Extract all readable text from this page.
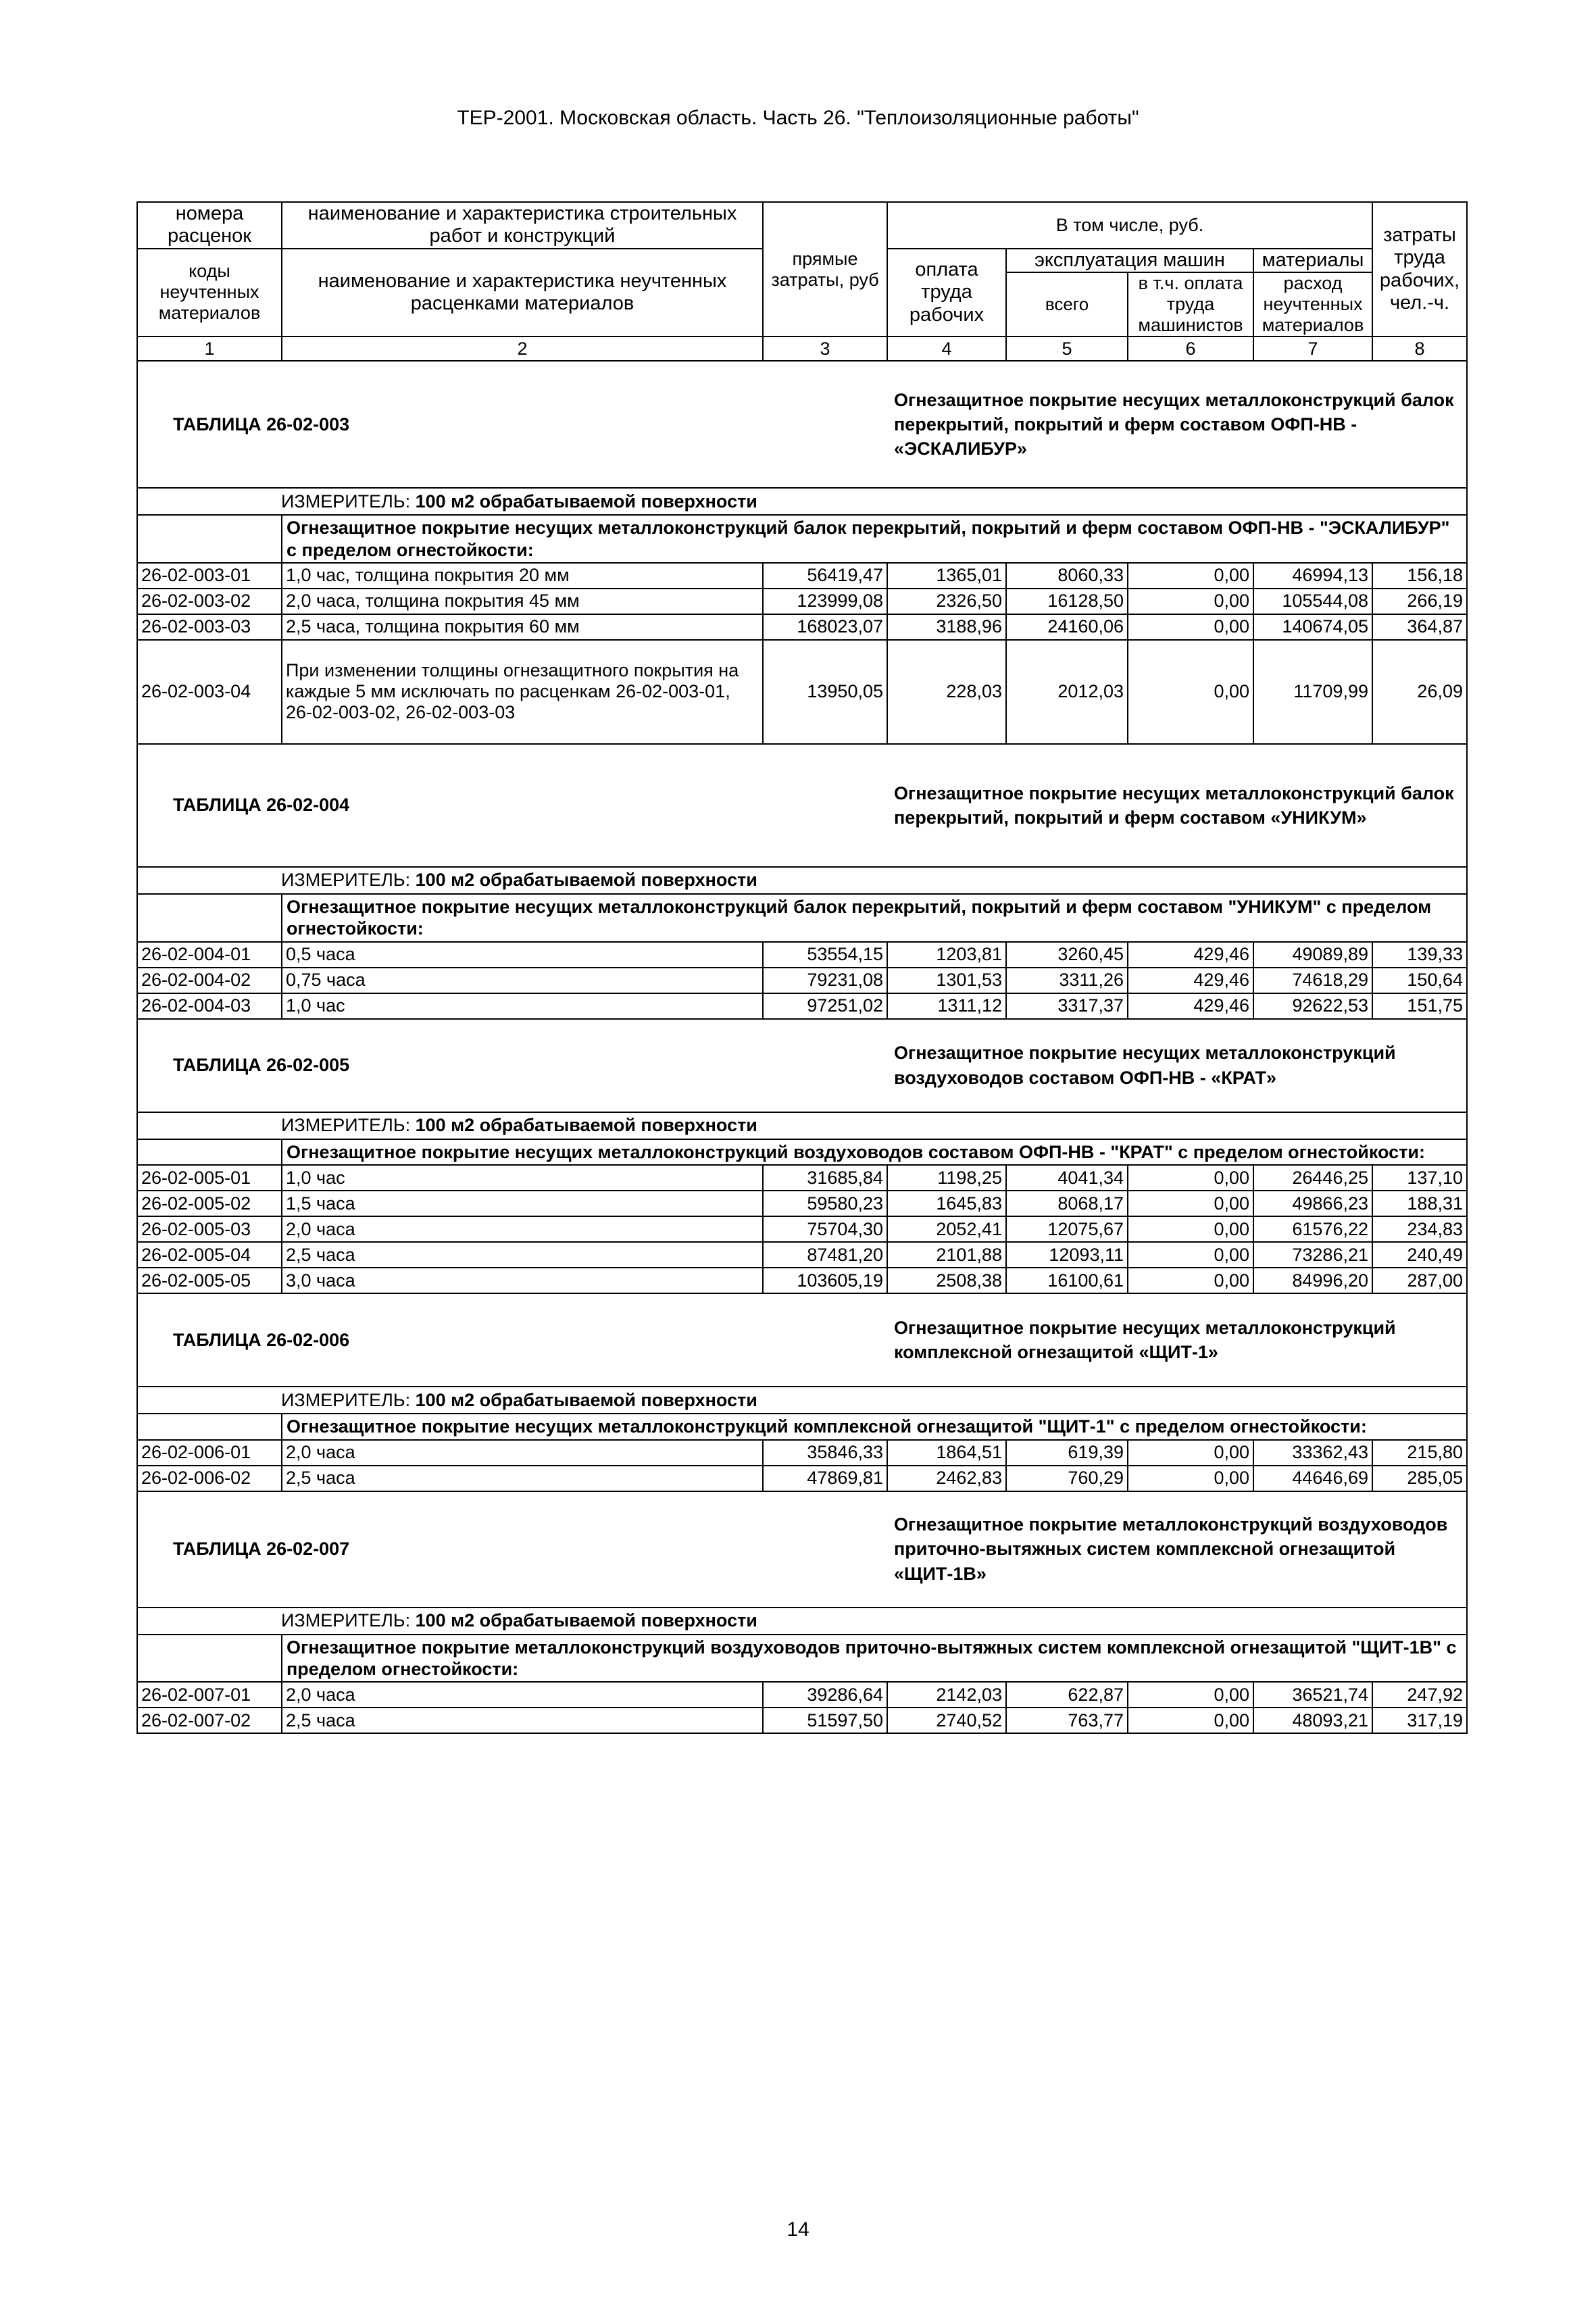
ТЕР-2001. Московская область. Часть 26. "Теплоизоляционные работы"
номера расценок	наименование и характеристика строительных работ и конструкций	прямые затраты, руб	В том числе, руб.				затраты труда рабочих, чел.-ч.
коды неучтенных материалов	наименование и характеристика неучтенных расценками материалов		оплата труда рабочих	эксплуатация машин		материалы	
				всего	в т.ч. оплата труда машинистов	расход неучтенных материалов	
1	2	3	4	5	6	7	8
ТАБЛИЦА 26-02-003			Огнезащитное покрытие несущих металлоконструкций балок перекрытий, покрытий и ферм составом ОФП-НВ - «ЭСКАЛИБУР»				
ИЗМЕРИТЕЛЬ: 100 м2 обрабатываемой поверхности							
	Огнезащитное покрытие несущих металлоконструкций балок перекрытий, покрытий и ферм составом ОФП-НВ - "ЭСКАЛИБУР" с пределом огнестойкости:						
26-02-003-01	1,0 час, толщина покрытия 20 мм	56419,47	1365,01	8060,33	0,00	46994,13	156,18
26-02-003-02	2,0 часа, толщина покрытия 45 мм	123999,08	2326,50	16128,50	0,00	105544,08	266,19
26-02-003-03	2,5 часа, толщина покрытия 60 мм	168023,07	3188,96	24160,06	0,00	140674,05	364,87
26-02-003-04	При изменении толщины огнезащитного покрытия на каждые 5 мм исключать по расценкам 26-02-003-01, 26-02-003-02, 26-02-003-03	13950,05	228,03	2012,03	0,00	11709,99	26,09
ТАБЛИЦА 26-02-004			Огнезащитное покрытие несущих металлоконструкций балок перекрытий, покрытий и ферм составом «УНИКУМ»				
ИЗМЕРИТЕЛЬ: 100 м2 обрабатываемой поверхности							
	Огнезащитное покрытие несущих металлоконструкций балок перекрытий, покрытий и ферм составом "УНИКУМ" с пределом огнестойкости:						
26-02-004-01	0,5 часа	53554,15	1203,81	3260,45	429,46	49089,89	139,33
26-02-004-02	0,75 часа	79231,08	1301,53	3311,26	429,46	74618,29	150,64
26-02-004-03	1,0 час	97251,02	1311,12	3317,37	429,46	92622,53	151,75
ТАБЛИЦА 26-02-005			Огнезащитное покрытие несущих металлоконструкций воздуховодов составом ОФП-НВ - «КРАТ»				
ИЗМЕРИТЕЛЬ: 100 м2 обрабатываемой поверхности							
	Огнезащитное покрытие несущих металлоконструкций воздуховодов составом ОФП-НВ - "КРАТ" с пределом огнестойкости:						
26-02-005-01	1,0 час	31685,84	1198,25	4041,34	0,00	26446,25	137,10
26-02-005-02	1,5 часа	59580,23	1645,83	8068,17	0,00	49866,23	188,31
26-02-005-03	2,0 часа	75704,30	2052,41	12075,67	0,00	61576,22	234,83
26-02-005-04	2,5 часа	87481,20	2101,88	12093,11	0,00	73286,21	240,49
26-02-005-05	3,0 часа	103605,19	2508,38	16100,61	0,00	84996,20	287,00
ТАБЛИЦА 26-02-006			Огнезащитное покрытие несущих металлоконструкций комплексной огнезащитой «ЩИТ-1»				
ИЗМЕРИТЕЛЬ: 100 м2 обрабатываемой поверхности							
	Огнезащитное покрытие несущих металлоконструкций комплексной огнезащитой "ЩИТ-1" с пределом огнестойкости:						
26-02-006-01	2,0 часа	35846,33	1864,51	619,39	0,00	33362,43	215,80
26-02-006-02	2,5 часа	47869,81	2462,83	760,29	0,00	44646,69	285,05
ТАБЛИЦА 26-02-007			Огнезащитное покрытие металлоконструкций воздуховодов приточно-вытяжных систем комплексной огнезащитой «ЩИТ-1В»				
ИЗМЕРИТЕЛЬ: 100 м2 обрабатываемой поверхности							
	Огнезащитное покрытие металлоконструкций воздуховодов приточно-вытяжных систем комплексной огнезащитой "ЩИТ-1В" с пределом огнестойкости:						
26-02-007-01	2,0 часа	39286,64	2142,03	622,87	0,00	36521,74	247,92
26-02-007-02	2,5 часа	51597,50	2740,52	763,77	0,00	48093,21	317,19
14
